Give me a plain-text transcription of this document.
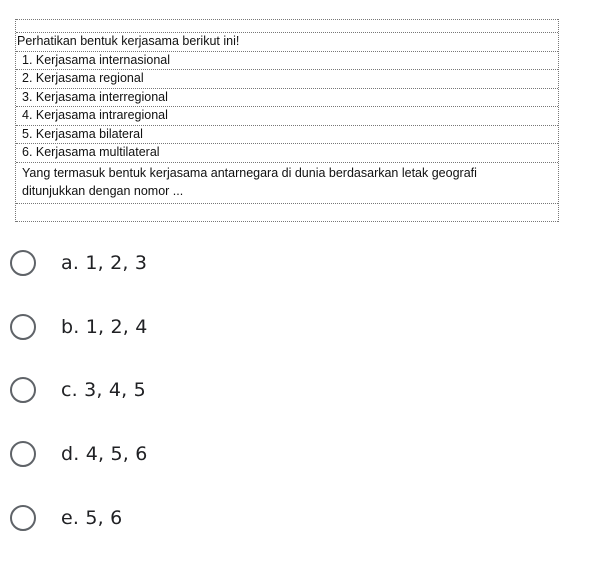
Perhatikan bentuk kerjasama berikut ini!
1. Kerjasama internasional
2. Kerjasama regional
3. Kerjasama interregional
4. Kerjasama intraregional
5. Kerjasama bilateral
6. Kerjasama multilateral
Yang termasuk bentuk kerjasama antarnegara di dunia berdasarkan letak geografi
ditunjukkan dengan nomor ...
a. 1, 2, 3
b. 1, 2, 4
c. 3, 4, 5
d. 4, 5, 6
e. 5, 6
